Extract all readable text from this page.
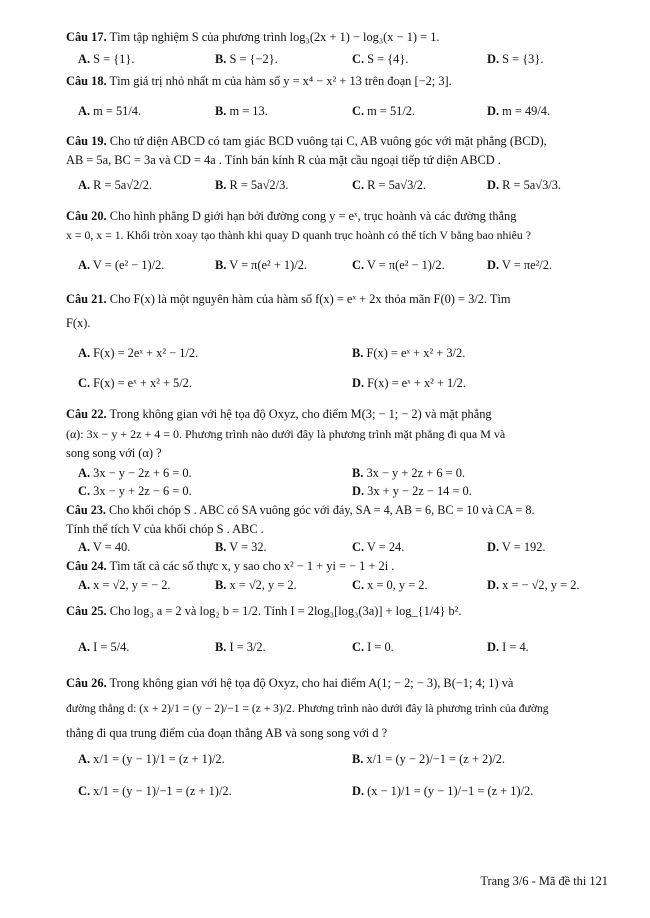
Câu 17. Tìm tập nghiệm S của phương trình log₃(2x + 1) − log₃(x − 1) = 1.
A. S = {1}.	B. S = {−2}.	C. S = {4}.	D. S = {3}.
Câu 18. Tìm giá trị nhỏ nhất m của hàm số y = x⁴ − x² + 13 trên đoạn [−2; 3].
A. m = 51/4.	B. m = 13.	C. m = 51/2.	D. m = 49/4.
Câu 19. Cho tứ diện ABCD có tam giác BCD vuông tại C, AB vuông góc với mặt phẳng (BCD),
AB = 5a, BC = 3a và CD = 4a . Tính bán kính R của mặt cầu ngoại tiếp tứ diện ABCD .
A. R = 5a√2/2.	B. R = 5a√2/3.	C. R = 5a√3/2.	D. R = 5a√3/3.
Câu 20. Cho hình phẳng D giới hạn bởi đường cong y = eˣ, trục hoành và các đường thẳng
x = 0, x = 1. Khối tròn xoay tạo thành khi quay D quanh trục hoành có thể tích V bằng bao nhiêu ?
A. V = (e² − 1)/2.	B. V = π(e² + 1)/2.	C. V = π(e² − 1)/2.	D. V = πe²/2.
Câu 21. Cho F(x) là một nguyên hàm của hàm số f(x) = eˣ + 2x thỏa mãn F(0) = 3/2. Tìm
F(x).
A. F(x) = 2eˣ + x² − 1/2.	B. F(x) = eˣ + x² + 3/2.
C. F(x) = eˣ + x² + 5/2.	D. F(x) = eˣ + x² + 1/2.
Câu 22. Trong không gian với hệ tọa độ Oxyz, cho điểm M(3; − 1; − 2) và mặt phẳng
(α): 3x − y + 2z + 4 = 0. Phương trình nào dưới đây là phương trình mặt phẳng đi qua M và
song song với (α) ?
A. 3x − y − 2z + 6 = 0.	B. 3x − y + 2z + 6 = 0.
C. 3x − y + 2z − 6 = 0.	D. 3x + y − 2z − 14 = 0.
Câu 23. Cho khối chóp S . ABC có SA vuông góc với đáy, SA = 4, AB = 6, BC = 10 và CA = 8.
Tính thể tích V của khối chóp S . ABC .
A. V = 40.	B. V = 32.	C. V = 24.	D. V = 192.
Câu 24. Tìm tất cả các số thực x, y sao cho x² − 1 + yi = − 1 + 2i .
A. x = √2, y = − 2.	B. x = √2, y = 2.	C. x = 0, y = 2.	D. x = − √2, y = 2.
Câu 25. Cho log₃ a = 2 và log₂ b = 1/2. Tính I = 2log₃[log₃(3a)] + log_{1/4} b².
A. I = 5/4.	B. I = 3/2.	C. I = 0.	D. I = 4.
Câu 26. Trong không gian với hệ tọa độ Oxyz, cho hai điểm A(1; − 2; − 3), B(−1; 4; 1) và
đường thẳng d: (x + 2)/1 = (y − 2)/−1 = (z + 3)/2. Phương trình nào dưới đây là phương trình của đường
thẳng đi qua trung điểm của đoạn thẳng AB và song song với d ?
A. x/1 = (y − 1)/1 = (z + 1)/2.	B. x/1 = (y − 2)/−1 = (z + 2)/2.
C. x/1 = (y − 1)/−1 = (z + 1)/2.	D. (x − 1)/1 = (y − 1)/−1 = (z + 1)/2.
Trang 3/6 - Mã đề thi 121
